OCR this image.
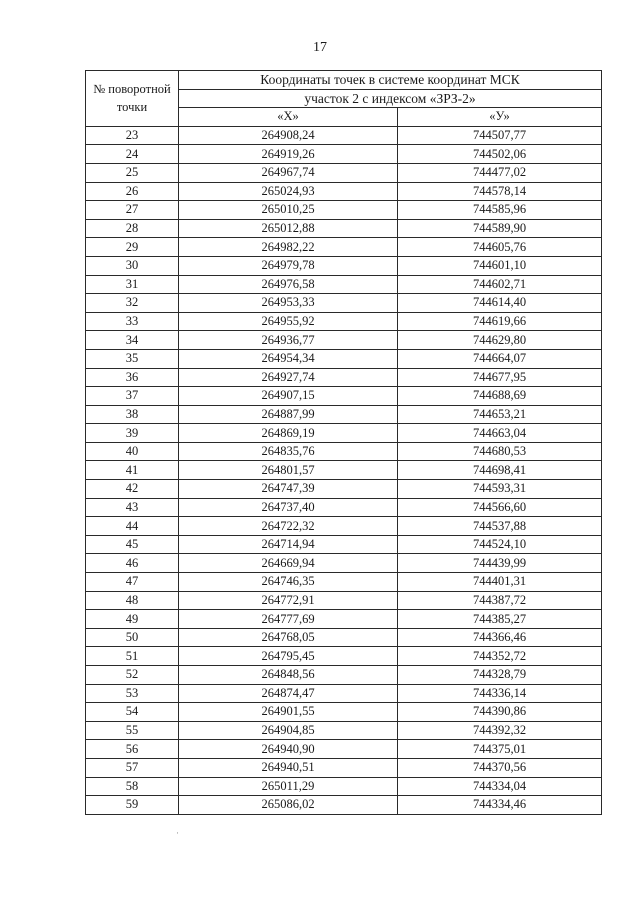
17
№ поворотной точки	Координаты точек в системе координат МСК	
	участок 2 с индексом «ЗРЗ-2»	
	«Х»	«У»
23	264908,24	744507,77
24	264919,26	744502,06
25	264967,74	744477,02
26	265024,93	744578,14
27	265010,25	744585,96
28	265012,88	744589,90
29	264982,22	744605,76
30	264979,78	744601,10
31	264976,58	744602,71
32	264953,33	744614,40
33	264955,92	744619,66
34	264936,77	744629,80
35	264954,34	744664,07
36	264927,74	744677,95
37	264907,15	744688,69
38	264887,99	744653,21
39	264869,19	744663,04
40	264835,76	744680,53
41	264801,57	744698,41
42	264747,39	744593,31
43	264737,40	744566,60
44	264722,32	744537,88
45	264714,94	744524,10
46	264669,94	744439,99
47	264746,35	744401,31
48	264772,91	744387,72
49	264777,69	744385,27
50	264768,05	744366,46
51	264795,45	744352,72
52	264848,56	744328,79
53	264874,47	744336,14
54	264901,55	744390,86
55	264904,85	744392,32
56	264940,90	744375,01
57	264940,51	744370,56
58	265011,29	744334,04
59	265086,02	744334,46
·
